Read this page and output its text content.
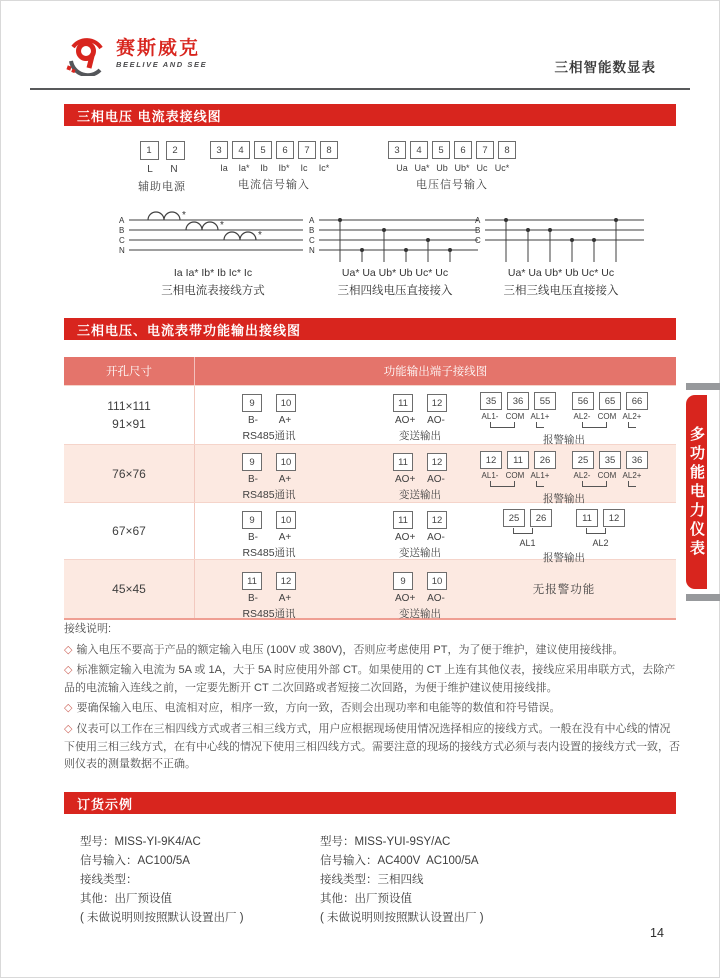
赛斯威克
BEELIVE AND SEE	三相智能数显表
三相电压 电流表接线图
1	2
L	N
辅助电源
3	4	5	6	7	8
Ia	Ia*	Ib	Ib*	Ic	Ic*
电流信号输入
3	4	5	6	7	8
Ua Ua* Ub Ub* Uc Uc*
电压信号输入
A
B
C
N
*
*
*
Ia Ia* Ib* Ib Ic* Ic
三相电流表接线方式
A
B
C
N
Ua* Ua Ub* Ub Uc* Uc
三相四线电压直接接入
A
B
C
Ua* Ua Ub* Ub Uc* Uc
三相三线电压直接接入
三相电压、电流表带功能输出接线图
开孔尺寸	功能输出端子接线图
111×111
91×91
9	10
B-	A+
RS485通讯
11	12
AO+ AO-
变送输出
35	36	55
AL1- COM AL1+
56	65	66
AL2- COM AL2+
报警输出
76×76
9	10
B-	A+
RS485通讯
11	12
AO+ AO-
变送输出
12	11	26
AL1- COM AL1+
25	35	36
AL2- COM AL2+
报警输出
67×67
9	10
B-	A+
RS485通讯
11	12
AO+ AO-
变送输出
25	26
AL1
11	12
AL2
报警输出
45×45
11	12
B-	A+
RS485通讯
9	10
AO+ AO-
变送输出
无报警功能
接线说明:
◇ 输入电压不要高于产品的额定输入电压 (100V 或 380V)，否则应考虑使用 PT，为了便于维护，建议使用接线排。
◇ 标准额定输入电流为 5A 或 1A，大于 5A 时应使用外部 CT。如果使用的 CT 上连有其他仪表，接线应采用串联方式，去除产品的电流输入连线之前，一定要先断开 CT 二次回路或者短接二次回路，为便于维护建议使用接线排。
◇ 要确保输入电压、电流相对应，相序一致，方向一致，否则会出现功率和电能等的数值和符号错误。
◇ 仪表可以工作在三相四线方式或者三相三线方式，用户应根据现场使用情况选择相应的接线方式。一般在没有中心线的情况下使用三相三线方式，在有中心线的情况下使用三相四线方式。需要注意的现场的接线方式必须与表内设置的接线方式一致，否则仪表的测量数据不正确。
订货示例
型号： MISS-YI-9K4/AC
信号输入： AC100/5A
接线类型：
其他： 出厂预设值
( 未做说明则按照默认设置出厂 )
型号： MISS-YUI-9SY/AC
信号输入： AC400V  AC100/5A
接线类型： 三相四线
其他： 出厂预设值
( 未做说明则按照默认设置出厂 )
多功能电力仪表
14
